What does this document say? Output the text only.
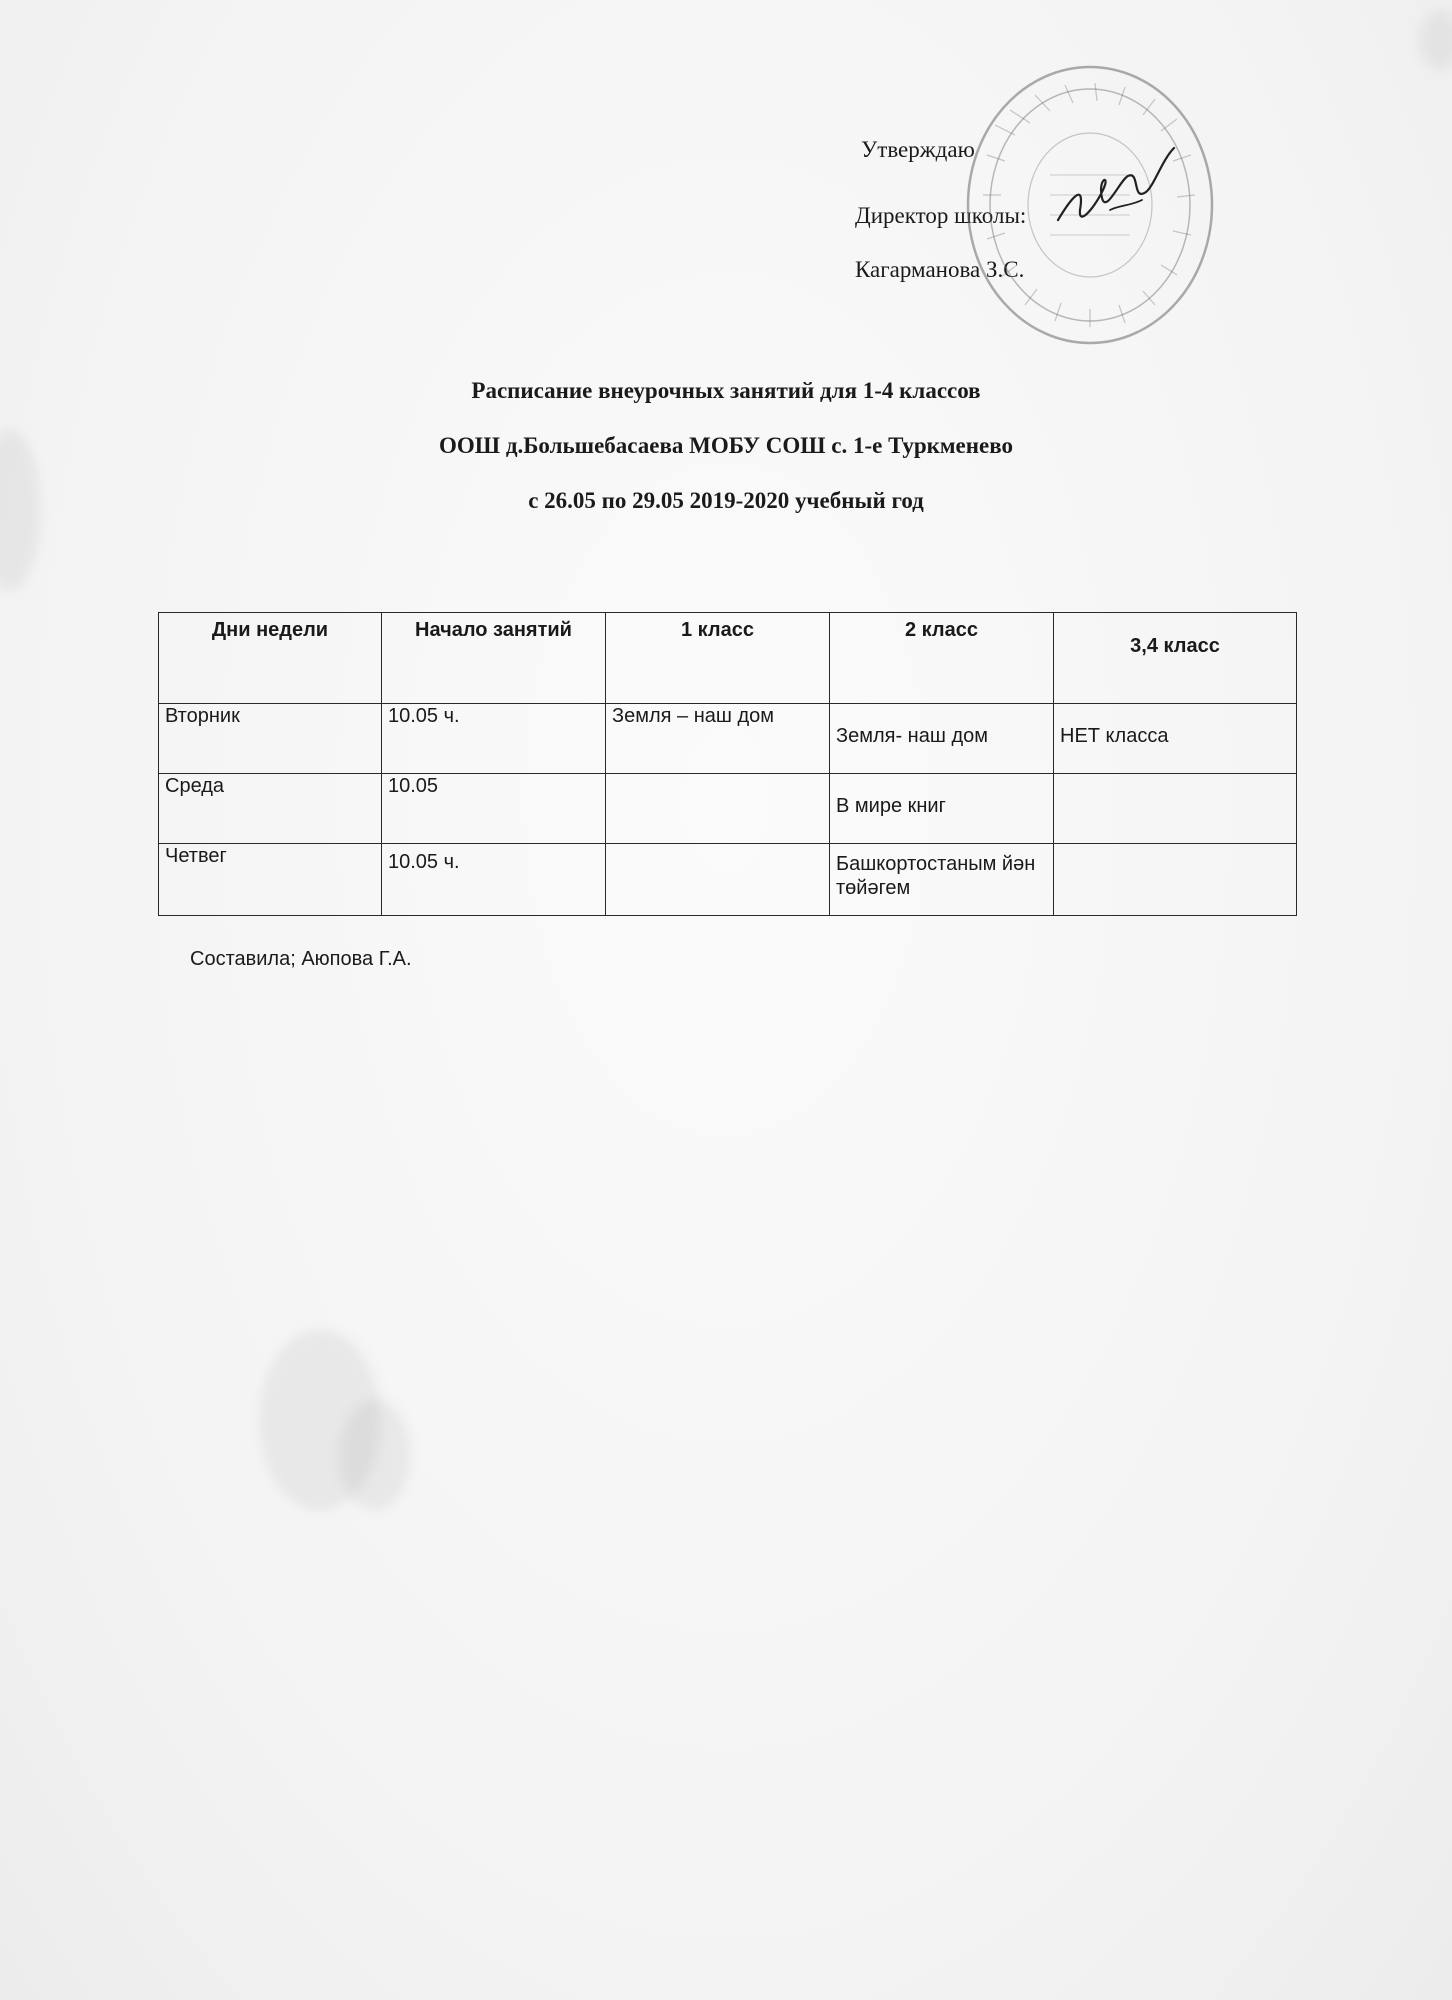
Утверждаю
Директор школы:
Кагарманова З.С.
Расписание внеурочных занятий для 1-4 классов
ООШ д.Большебасаева МОБУ СОШ с. 1-е Туркменево
с 26.05 по 29.05 2019-2020 учебный год
Дни недели	Начало занятий	1 класс	2 класс	3,4 класс
Вторник	10.05 ч.	Земля – наш дом	Земля- наш дом	НЕТ класса
Среда	10.05		В мире книг	
Четвег	10.05 ч.		Башкортостаным йән төйәгем	
Составила; Аюпова Г.А.
